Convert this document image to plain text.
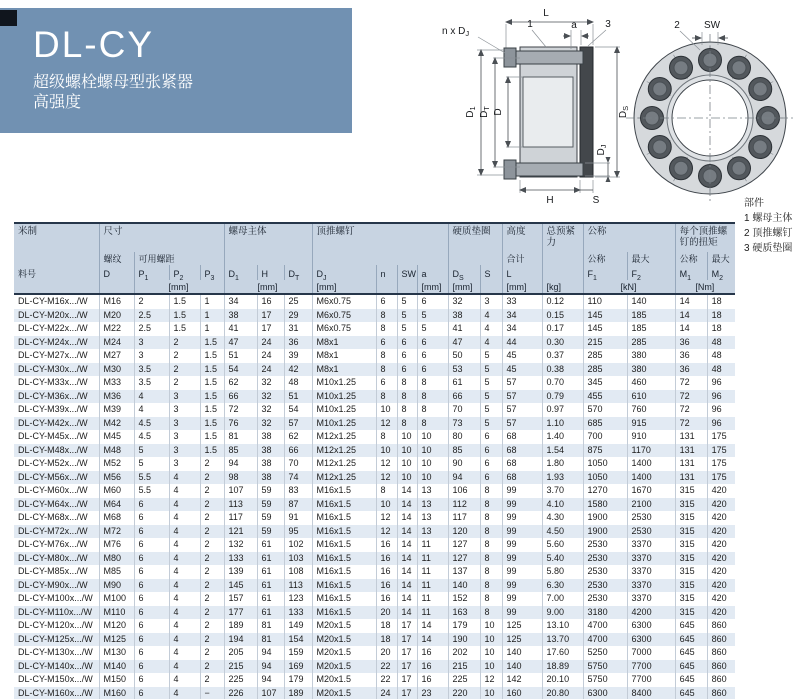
DL-CY
超级螺栓螺母型张紧器
高强度
L
$D_1$
$D_T$ D	$D_S$
$D_J$
H	S
a
1	3
n x $D_J$
SW
2
部件
1 螺母主体
2 顶推螺钉
3 硬质垫圈
米制	尺寸				螺母主体			顶推螺钉				硬质垫圈		高度	总预紧力	公称		每个顶推螺钉的扭矩	
	螺纹	可用螺距												合计		公称	最大	公称	最大
料号	D	$P_1$	$P_2$	$P_3$	$D_1$	H	$D_T$	$D_J$	n	SW	a	$D_S$	S	L		$F_1$	$F_2$	$M_1$	$M_2$
		[mm]			[mm]			[mm]			[mm]	[mm]		[mm]	[kg]	[kN]		[Nm]	
DL-CY-M16x.../W	M16	2	1.5	1	34	16	25	M6x0.75	6	5	6	32	3	33	0.12	110	140	14	18
DL-CY-M20x.../W	M20	2.5	1.5	1	38	17	29	M6x0.75	8	5	5	38	4	34	0.15	145	185	14	18
DL-CY-M22x.../W	M22	2.5	1.5	1	41	17	31	M6x0.75	8	5	5	41	4	34	0.17	145	185	14	18
DL-CY-M24x.../W	M24	3	2	1.5	47	24	36	M8x1	6	6	6	47	4	44	0.30	215	285	36	48
DL-CY-M27x.../W	M27	3	2	1.5	51	24	39	M8x1	8	6	6	50	5	45	0.37	285	380	36	48
DL-CY-M30x.../W	M30	3.5	2	1.5	54	24	42	M8x1	8	6	6	53	5	45	0.38	285	380	36	48
DL-CY-M33x.../W	M33	3.5	2	1.5	62	32	48	M10x1.25	6	8	8	61	5	57	0.70	345	460	72	96
DL-CY-M36x.../W	M36	4	3	1.5	66	32	51	M10x1.25	8	8	8	66	5	57	0.79	455	610	72	96
DL-CY-M39x.../W	M39	4	3	1.5	72	32	54	M10x1.25	10	8	8	70	5	57	0.97	570	760	72	96
DL-CY-M42x.../W	M42	4.5	3	1.5	76	32	57	M10x1.25	12	8	8	73	5	57	1.10	685	915	72	96
DL-CY-M45x.../W	M45	4.5	3	1.5	81	38	62	M12x1.25	8	10	10	80	6	68	1.40	700	910	131	175
DL-CY-M48x.../W	M48	5	3	1.5	85	38	66	M12x1.25	10	10	10	85	6	68	1.54	875	1170	131	175
DL-CY-M52x.../W	M52	5	3	2	94	38	70	M12x1.25	12	10	10	90	6	68	1.80	1050	1400	131	175
DL-CY-M56x.../W	M56	5.5	4	2	98	38	74	M12x1.25	12	10	10	94	6	68	1.93	1050	1400	131	175
DL-CY-M60x.../W	M60	5.5	4	2	107	59	83	M16x1.5	8	14	13	106	8	99	3.70	1270	1670	315	420
DL-CY-M64x.../W	M64	6	4	2	113	59	87	M16x1.5	10	14	13	112	8	99	4.10	1580	2100	315	420
DL-CY-M68x.../W	M68	6	4	2	117	59	91	M16x1.5	12	14	13	117	8	99	4.30	1900	2530	315	420
DL-CY-M72x.../W	M72	6	4	2	121	59	95	M16x1.5	12	14	13	120	8	99	4.50	1900	2530	315	420
DL-CY-M76x.../W	M76	6	4	2	132	61	102	M16x1.5	16	14	11	127	8	99	5.60	2530	3370	315	420
DL-CY-M80x.../W	M80	6	4	2	133	61	103	M16x1.5	16	14	11	127	8	99	5.40	2530	3370	315	420
DL-CY-M85x.../W	M85	6	4	2	139	61	108	M16x1.5	16	14	11	137	8	99	5.80	2530	3370	315	420
DL-CY-M90x.../W	M90	6	4	2	145	61	113	M16x1.5	16	14	11	140	8	99	6.30	2530	3370	315	420
DL-CY-M100x.../W	M100	6	4	2	157	61	123	M16x1.5	16	14	11	152	8	99	7.00	2530	3370	315	420
DL-CY-M110x.../W	M110	6	4	2	177	61	133	M16x1.5	20	14	11	163	8	99	9.00	3180	4200	315	420
DL-CY-M120x.../W	M120	6	4	2	189	81	149	M20x1.5	18	17	14	179	10	125	13.10	4700	6300	645	860
DL-CY-M125x.../W	M125	6	4	2	194	81	154	M20x1.5	18	17	14	190	10	125	13.70	4700	6300	645	860
DL-CY-M130x.../W	M130	6	4	2	205	94	159	M20x1.5	20	17	16	202	10	140	17.60	5250	7000	645	860
DL-CY-M140x.../W	M140	6	4	2	215	94	169	M20x1.5	22	17	16	215	10	140	18.89	5750	7700	645	860
DL-CY-M150x.../W	M150	6	4	2	225	94	179	M20x1.5	22	17	16	225	12	142	20.10	5750	7700	645	860
DL-CY-M160x.../W	M160	6	4	−	226	107	189	M20x1.5	24	17	23	220	10	160	20.80	6300	8400	645	860
